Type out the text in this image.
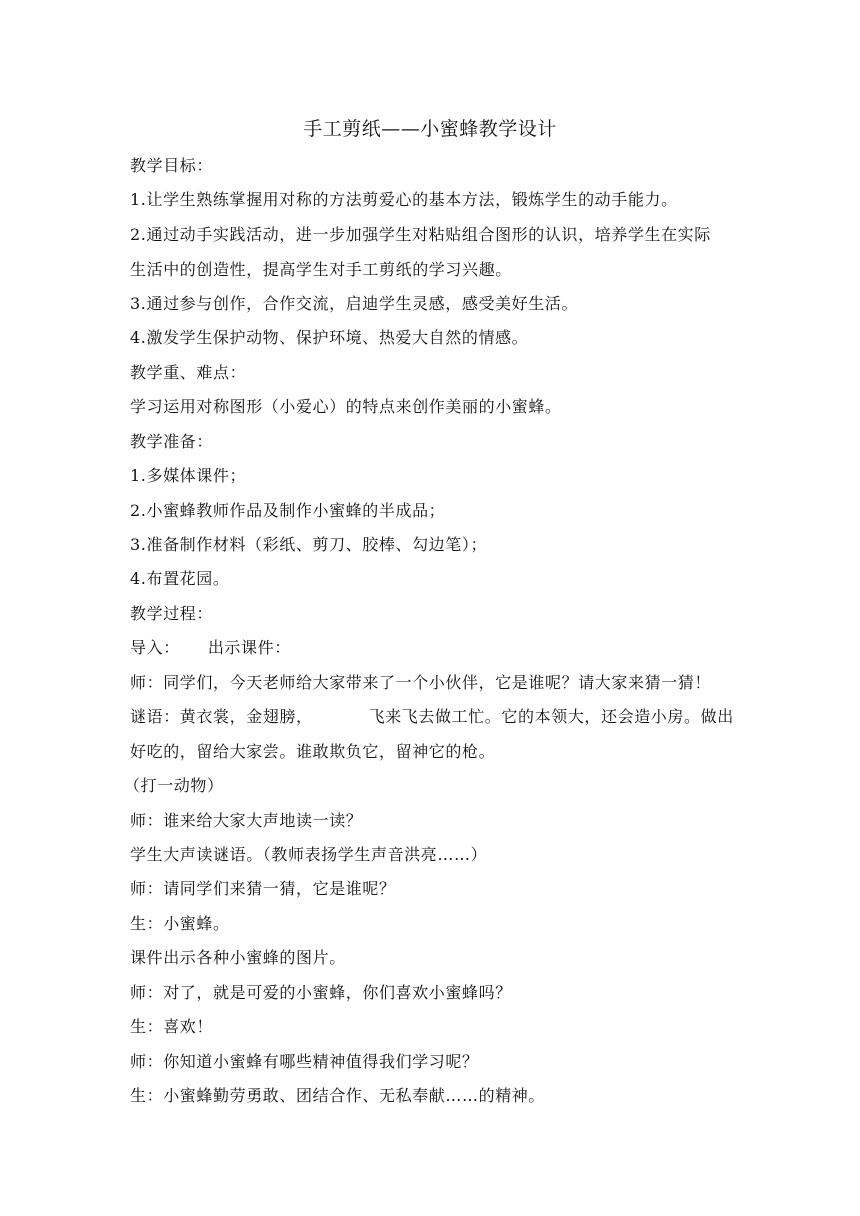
手工剪纸——小蜜蜂教学设计
教学目标：
1.让学生熟练掌握用对称的方法剪爱心的基本方法，锻炼学生的动手能力。
2.通过动手实践活动，进一步加强学生对粘贴组合图形的认识，培养学生在实际
生活中的创造性，提高学生对手工剪纸的学习兴趣。
3.通过参与创作，合作交流，启迪学生灵感，感受美好生活。
4.激发学生保护动物、保护环境、热爱大自然的情感。
教学重、难点：
学习运用对称图形（小爱心）的特点来创作美丽的小蜜蜂。
教学准备：
1.多媒体课件；
2.小蜜蜂教师作品及制作小蜜蜂的半成品；
3.准备制作材料（彩纸、剪刀、胶棒、勾边笔）；
4.布置花园。
教学过程：
导入： 出示课件：
师：同学们，今天老师给大家带来了一个小伙伴，它是谁呢？请大家来猜一猜！
谜语：黄衣裳，金翅膀，	飞来飞去做工忙。它的本领大，还会造小房。做出
好吃的，留给大家尝。谁敢欺负它，留神它的枪。
（打一动物）
师：谁来给大家大声地读一读？
学生大声读谜语。（教师表扬学生声音洪亮……）
师：请同学们来猜一猜，它是谁呢？
生：小蜜蜂。
课件出示各种小蜜蜂的图片。
师：对了，就是可爱的小蜜蜂，你们喜欢小蜜蜂吗？
生：喜欢！
师：你知道小蜜蜂有哪些精神值得我们学习呢？
生：小蜜蜂勤劳勇敢、团结合作、无私奉献……的精神。
